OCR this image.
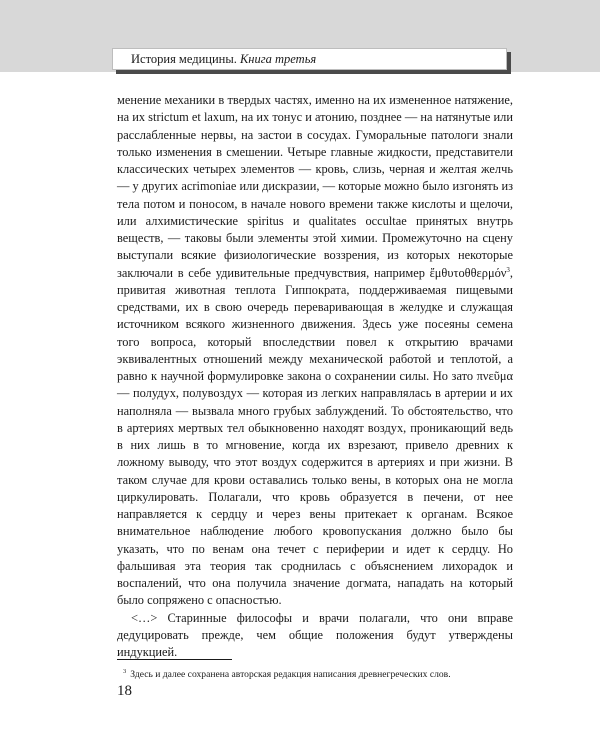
История медицины. Книга третья

менение механики в твердых частях, именно на их измененное натяжение, на их strictum et laxum, на их тонус и атонию, позднее — на натянутые или расслабленные нервы, на застои в сосудах. Гуморальные патологи знали только изменения в смешении. Четыре главные жидкости, представители классических четырех элементов — кровь, слизь, черная и желтая желчь — у других acrimoniae или дискразии, — которые можно было изгонять из тела потом и поносом, в начале нового времени также кислоты и щелочи, или алхимистические spiritus и qualitates occultae принятых внутрь веществ, — таковы были элементы этой химии. Промежуточно на сцену выступали всякие физиологические воззрения, из которых некоторые заключали в себе удивительные предчувствия, например ἔμθυτοθθερμόν$^3$, привитая животная теплота Гиппократа, поддерживаемая пищевыми средствами, их в свою очередь переваривающая в желудке и служащая источником всякого жизненного движения. Здесь уже посеяны семена того вопроса, который впоследствии повел к открытию врачами эквивалентных отношений между механической работой и теплотой, а равно к научной формулировке закона о сохранении силы. Но зато πνεῦμα — полудух, полувоздух — которая из легких направлялась в артерии и их наполняла — вызвала много грубых заблуждений. То обстоятельство, что в артериях мертвых тел обыкновенно находят воздух, проникающий ведь в них лишь в то мгновение, когда их взрезают, привело древних к ложному выводу, что этот воздух содержится в артериях и при жизни. В таком случае для крови оставались только вены, в которых она не могла циркулировать. Полагали, что кровь образуется в печени, от нее направляется к сердцу и через вены притекает к органам. Всякое внимательное наблюдение любого кровопускания должно было бы указать, что по венам она течет с периферии и идет к сердцу. Но фальшивая эта теория так сроднилась с объяснением лихорадок и воспалений, что она получила значение догмата, нападать на который было сопряжено с опасностью.

<…> Старинные философы и врачи полагали, что они вправе дедуцировать прежде, чем общие положения будут утверждены индукцией.

$^3$ Здесь и далее сохранена авторская редакция написания древнегреческих слов.
18
